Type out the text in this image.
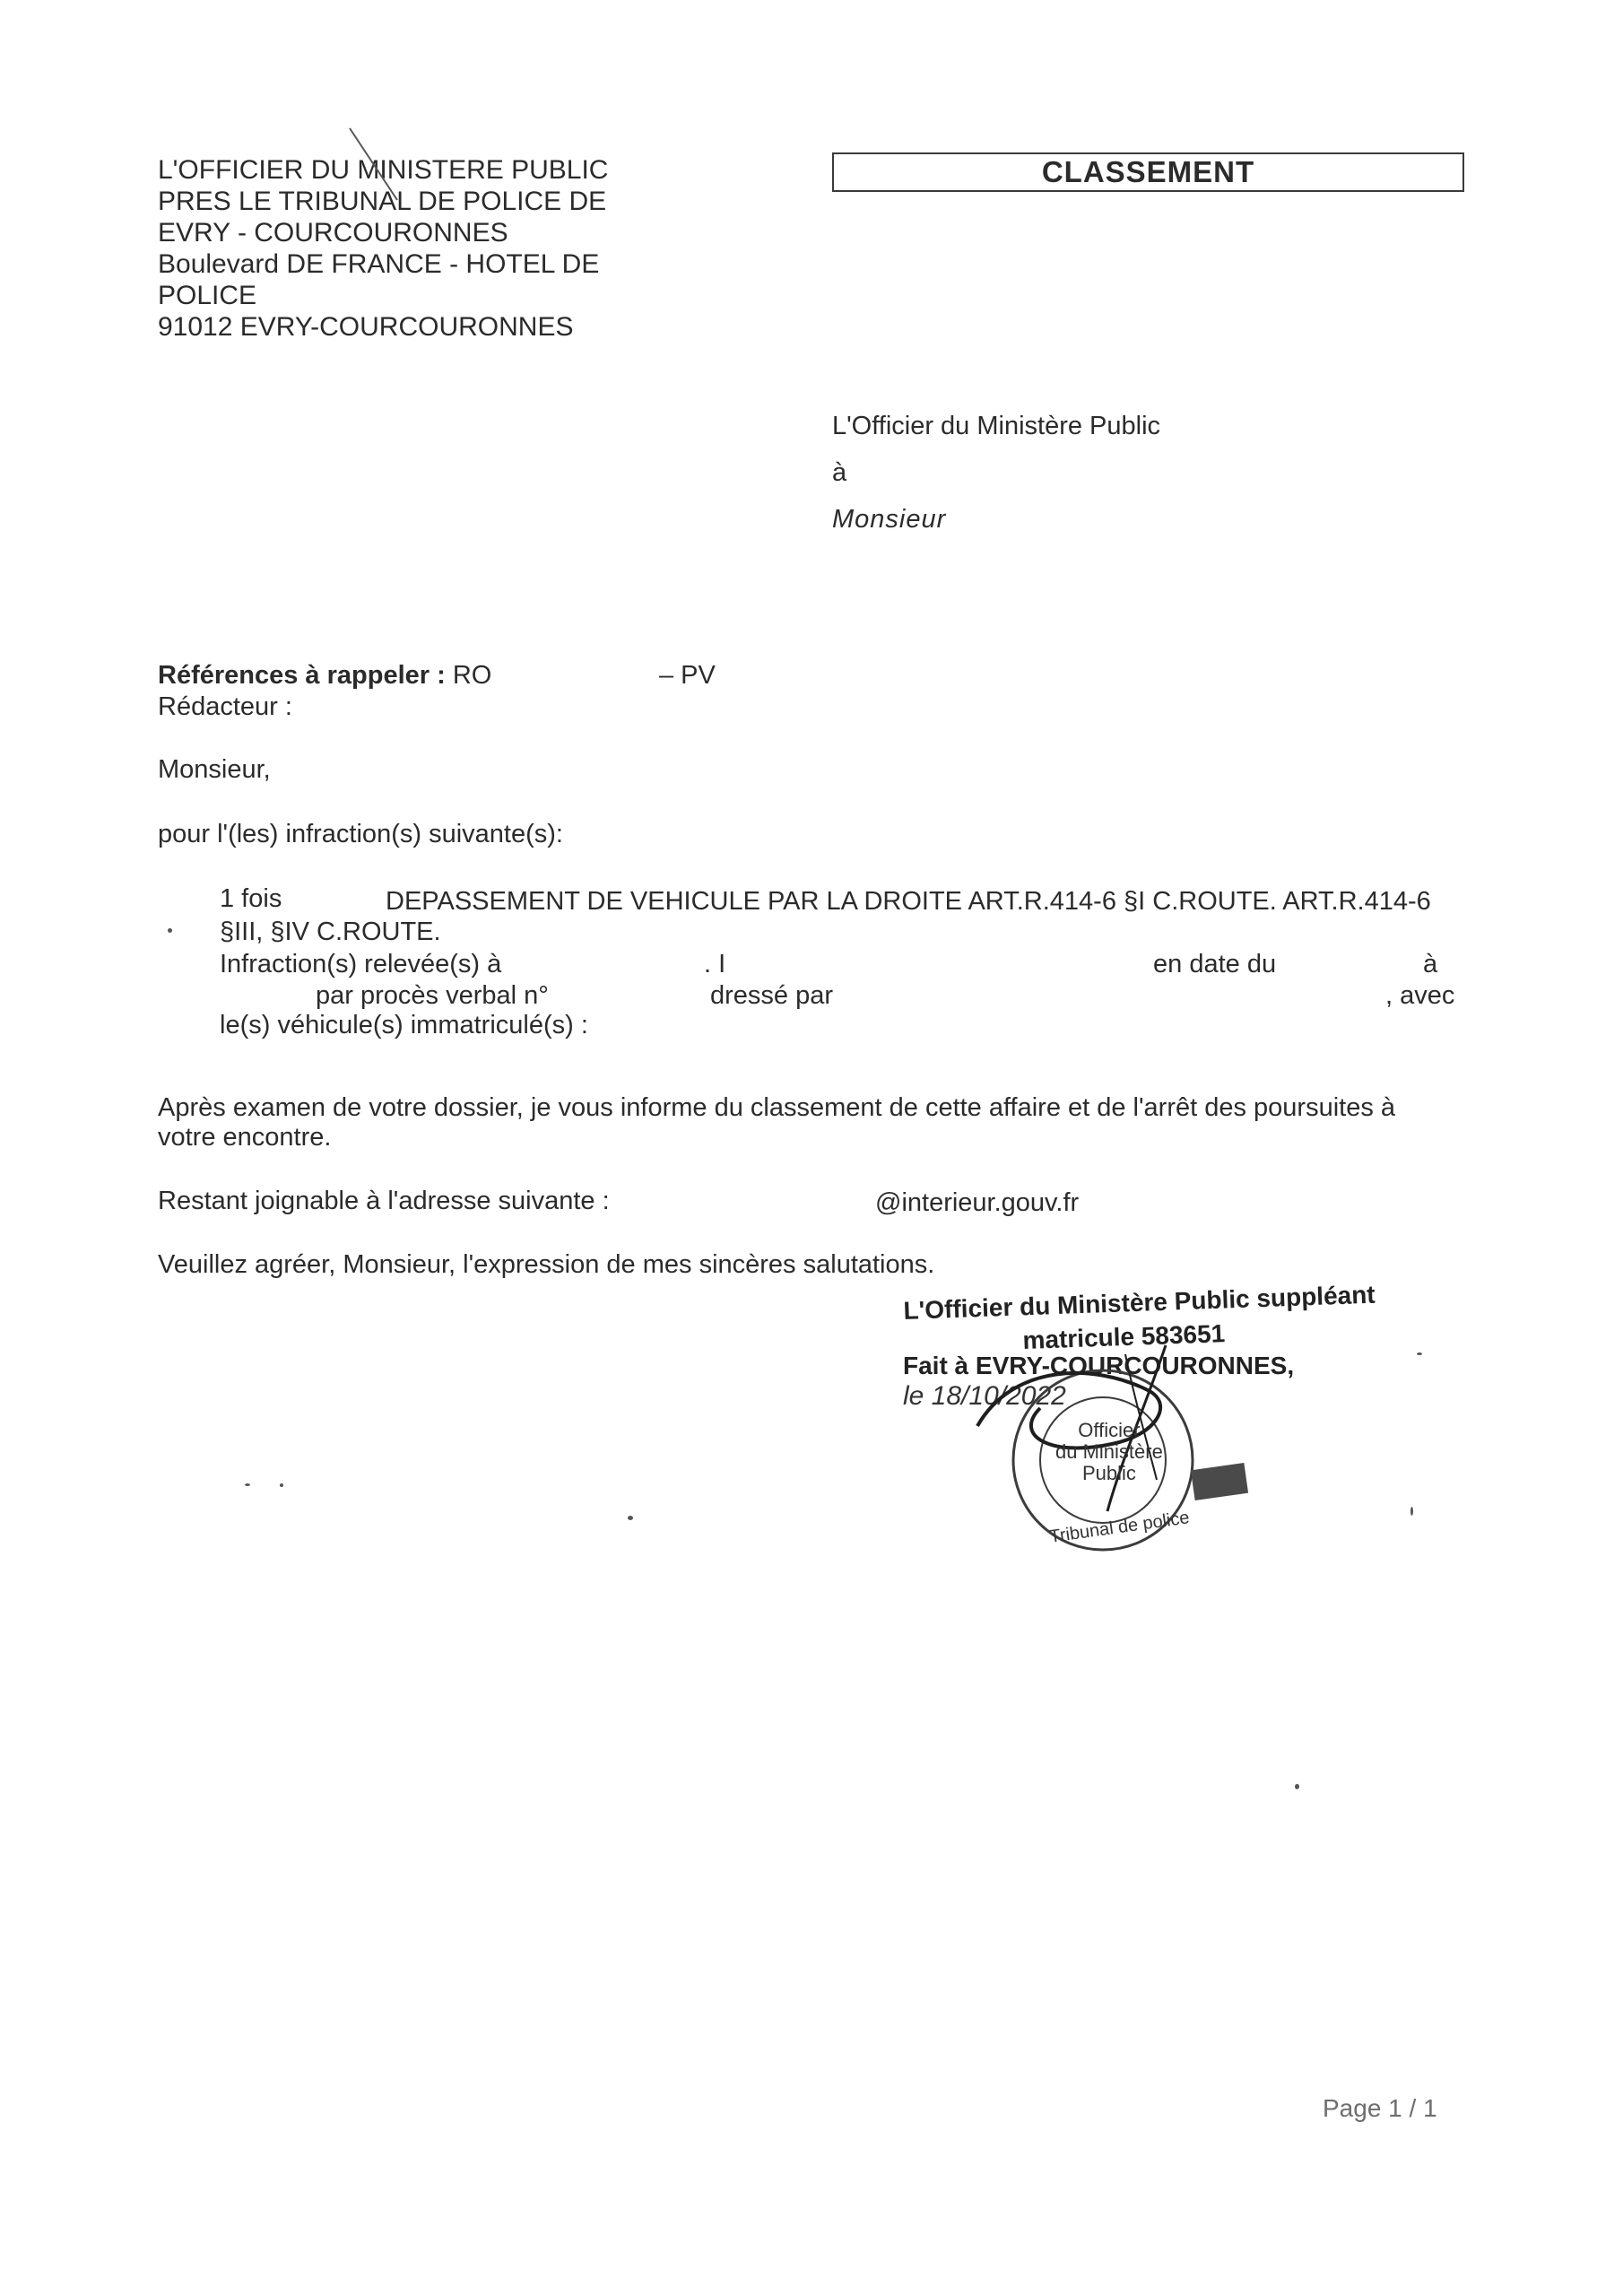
L'OFFICIER DU MINISTERE PUBLIC
PRES LE TRIBUNAL DE POLICE DE
EVRY - COURCOURONNES
Boulevard DE FRANCE - HOTEL DE
POLICE
91012 EVRY-COURCOURONNES
CLASSEMENT
L'Officier du Ministère Public
à
Monsieur
Références à rappeler : RO	– PV
Rédacteur :
Monsieur,
pour l'(les) infraction(s) suivante(s):
1 fois	DEPASSEMENT DE VEHICULE PAR LA DROITE ART.R.414-6 §I C.ROUTE. ART.R.414-6
§III, §IV C.ROUTE.
Infraction(s) relevée(s) à	. I	en date du	à
par procès verbal n°	dressé par	, avec
le(s) véhicule(s) immatriculé(s) :
Après examen de votre dossier, je vous informe du classement de cette affaire et de l'arrêt des poursuites à
votre encontre.
Restant joignable à l'adresse suivante :	@interieur.gouv.fr
Veuillez agréer, Monsieur, l'expression de mes sincères salutations.
L'Officier du Ministère Public suppléant
matricule 583651
Fait à EVRY-COURCOURONNES,
le 18/10/2022
Officier
du Ministère
Public
Tribunal de police
Page 1 / 1
